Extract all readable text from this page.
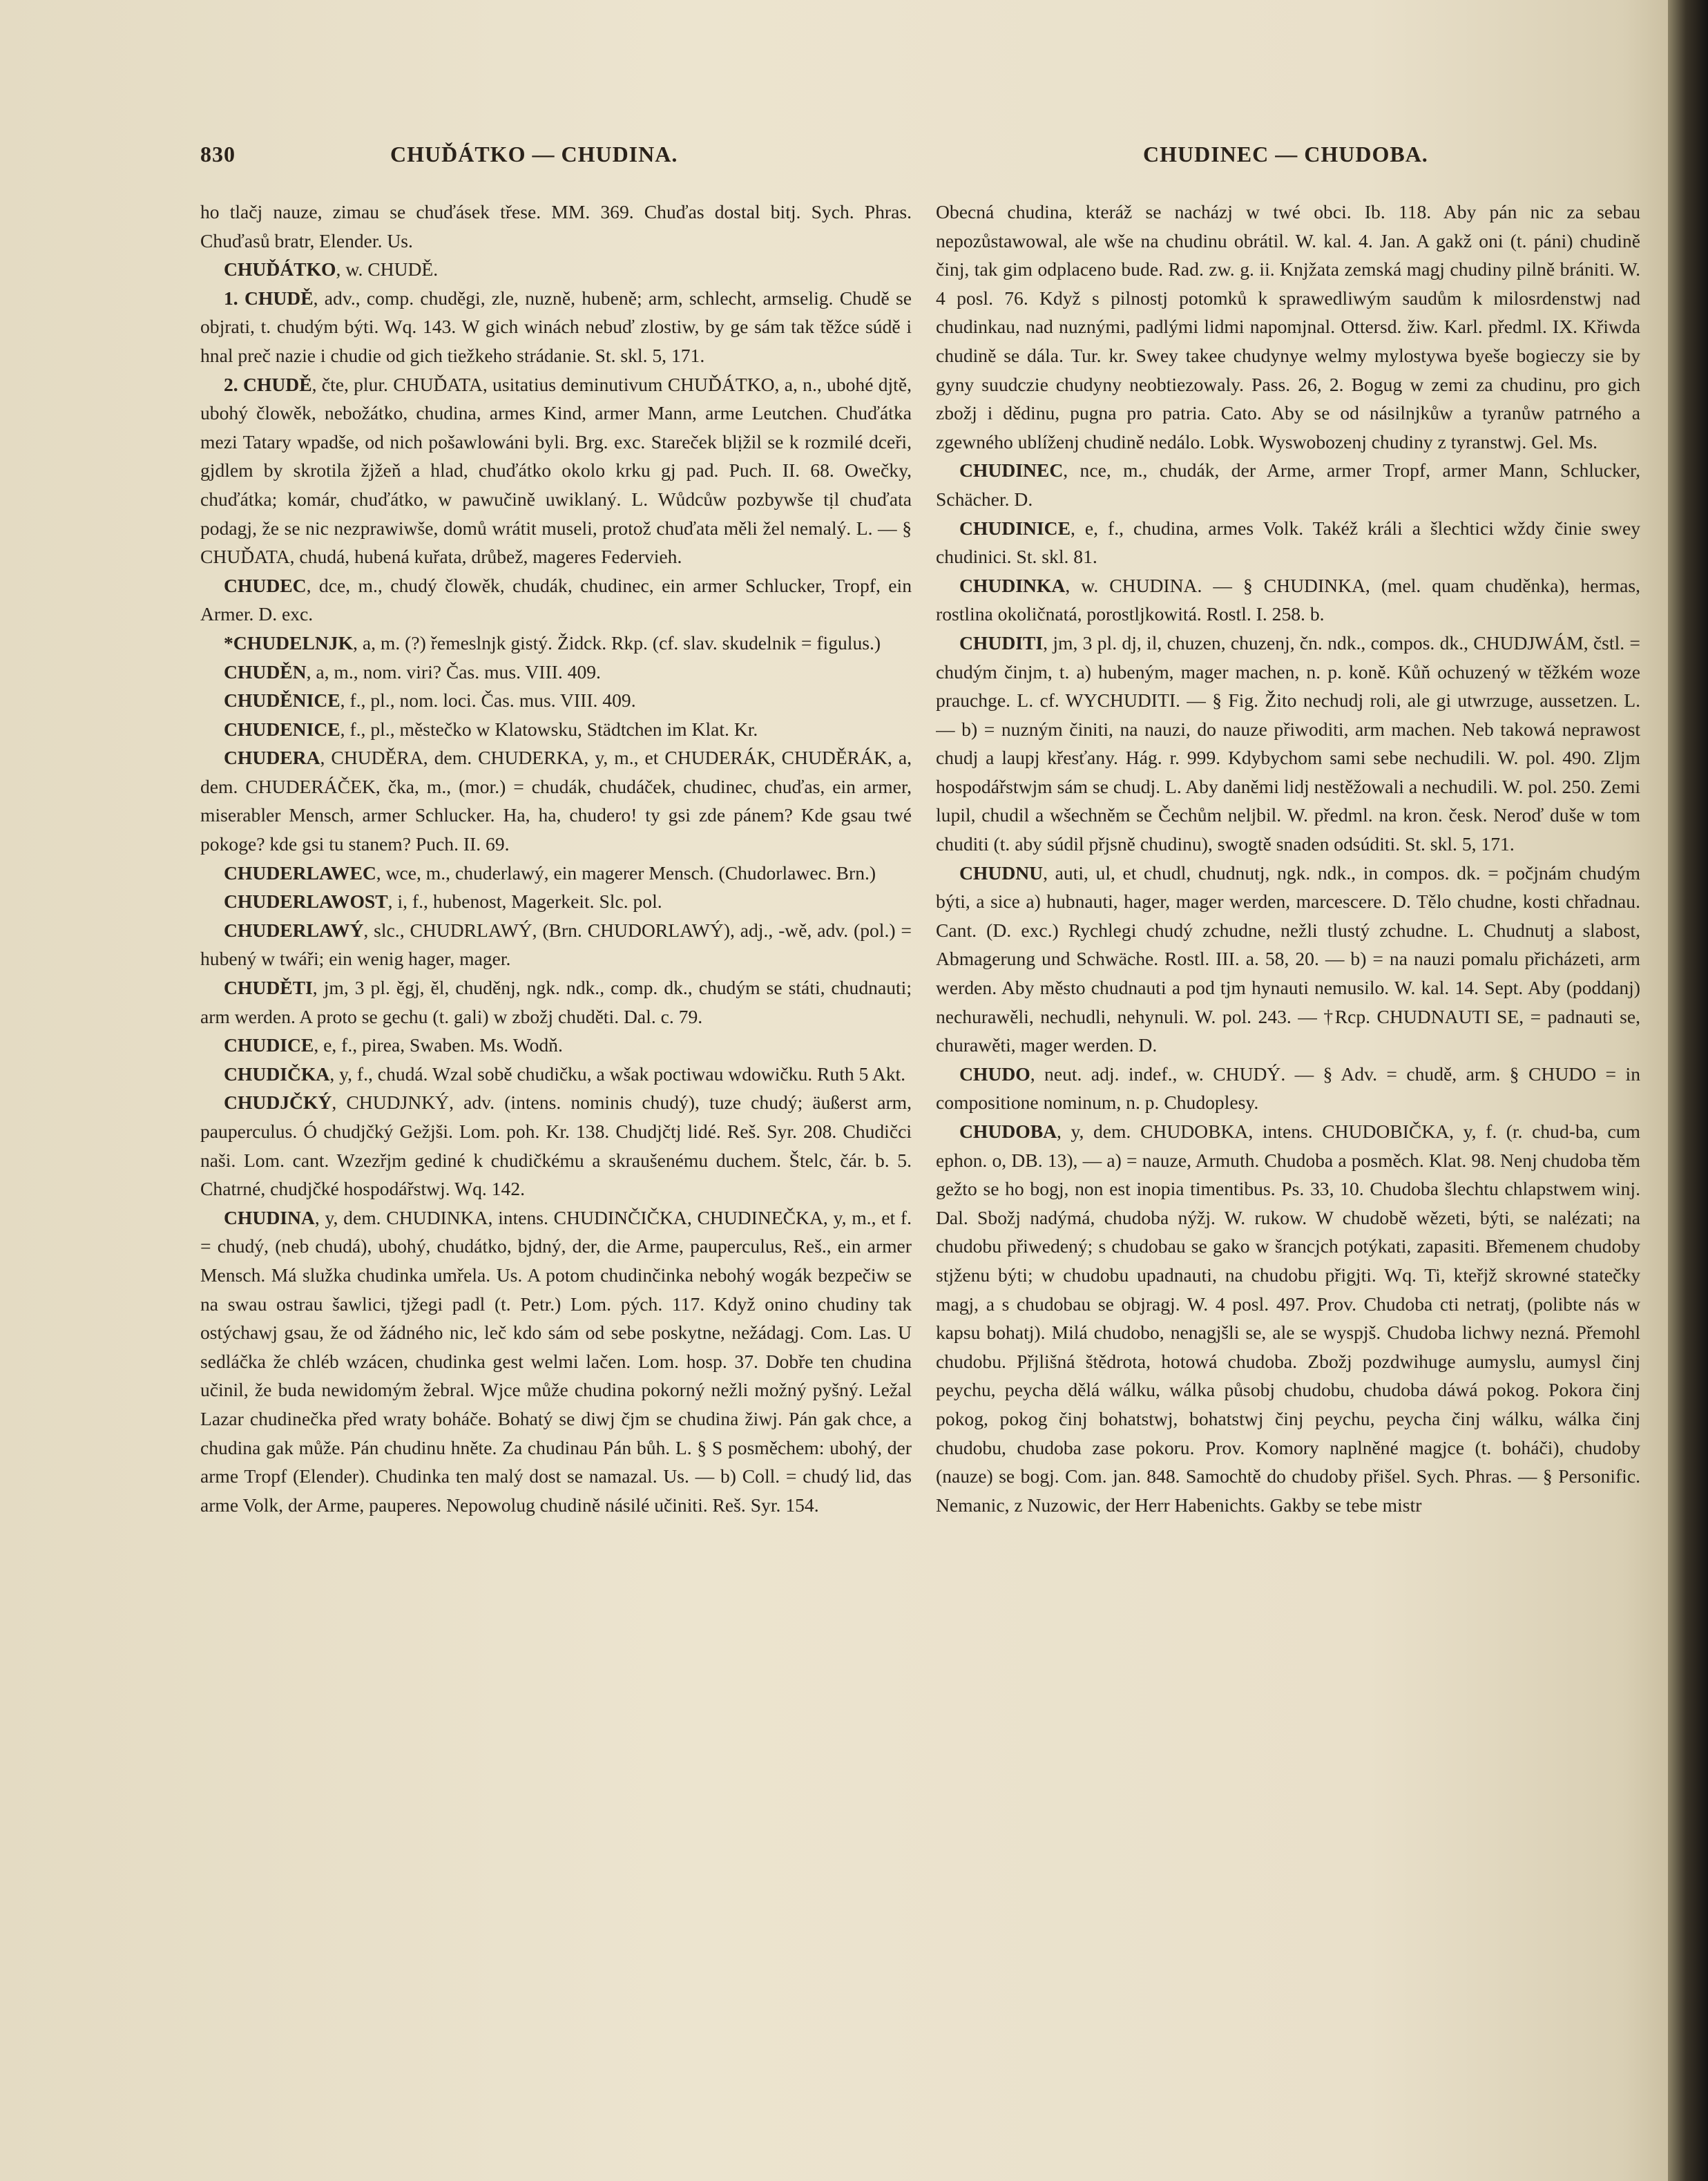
830	CHUĎÁTKO — CHUDINA.	CHUDINEC — CHUDOBA.

ho tlačj nauze, zimau se chuďásek třese. MM. 369. Chuďas dostal bitj. Sych. Phras. Chuďasů bratr, Elender. Us.

CHUĎÁTKO, w. CHUDĚ.

1. CHUDĚ, adv., comp. chuděgi, zle, nuzně, hubeně; arm, schlecht, armselig. Chudě se objrati, t. chudým býti. Wq. 143. W gich winách nebuď zlostiw, by ge sám tak těžce súdě i hnal preč nazie i chudie od gich tiežkeho strádanie. St. skl. 5, 171.

2. CHUDĚ, čte, plur. CHUĎATA, usitatius deminutivum CHUĎÁTKO, a, n., ubohé djtě, ubohý člowěk, nebožátko, chudina, armes Kind, armer Mann, arme Leutchen. Chuďátka mezi Tatary wpadše, od nich pošawlowáni byli. Brg. exc. Stareček blịžil se k rozmilé dceři, gjdlem by skrotila žjžeň a hlad, chuďátko okolo krku gj pad. Puch. II. 68. Owečky, chuďátka; komár, chuďátko, w pawučině uwiklaný. L. Wůdcůw pozbywše tịl chuďata podagj, že se nic nezprawiwše, domů wrátit museli, protož chuďata měli žel nemalý. L. — § CHUĎATA, chudá, hubená kuřata, drůbež, mageres Federvieh.

CHUDEC, dce, m., chudý člowěk, chudák, chudinec, ein armer Schlucker, Tropf, ein Armer. D. exc.

*CHUDELNJK, a, m. (?) řemeslnjk gistý. Židck. Rkp. (cf. slav. skudelnik = figulus.)

CHUDĚN, a, m., nom. viri? Čas. mus. VIII. 409.

CHUDĚNICE, f., pl., nom. loci. Čas. mus. VIII. 409.

CHUDENICE, f., pl., městečko w Klatowsku, Städtchen im Klat. Kr.

CHUDERA, CHUDĚRA, dem. CHUDERKA, y, m., et CHUDERÁK, CHUDĚRÁK, a, dem. CHUDERÁČEK, čka, m., (mor.) = chudák, chudáček, chudinec, chuďas, ein armer, miserabler Mensch, armer Schlucker. Ha, ha, chudero! ty gsi zde pánem? Kde gsau twé pokoge? kde gsi tu stanem? Puch. II. 69.

CHUDERLAWEC, wce, m., chuderlawý, ein magerer Mensch. (Chudorlawec. Brn.)

CHUDERLAWOST, i, f., hubenost, Magerkeit. Slc. pol.

CHUDERLAWÝ, slc., CHUDRLAWÝ, (Brn. CHUDORLAWÝ), adj., -wě, adv. (pol.) = hubený w twáři; ein wenig hager, mager.

CHUDĚTI, jm, 3 pl. ěgj, ěl, chuděnj, ngk. ndk., comp. dk., chudým se státi, chudnauti; arm werden. A proto se gechu (t. gali) w zbožj chuděti. Dal. c. 79.

CHUDICE, e, f., pirea, Swaben. Ms. Wodň.

CHUDIČKA, y, f., chudá. Wzal sobě chudičku, a wšak poctiwau wdowičku. Ruth 5 Akt.

CHUDJČKÝ, CHUDJNKÝ, adv. (intens. nominis chudý), tuze chudý; äußerst arm, pauperculus. Ó chudjčký Gežjši. Lom. poh. Kr. 138. Chudjčtj lidé. Reš. Syr. 208. Chudičci naši. Lom. cant. Wzezřjm gediné k chudičkému a skraušenému duchem. Štelc, čár. b. 5. Chatrné, chudjčké hospodářstwj. Wq. 142.

CHUDINA, y, dem. CHUDINKA, intens. CHUDINČIČKA, CHUDINEČKA, y, m., et f. = chudý, (neb chudá), ubohý, chudátko, bjdný, der, die Arme, pauperculus, Reš., ein armer Mensch. Má služka chudinka umřela. Us. A potom chudinčinka nebohý wogák bezpečiw se na swau ostrau šawlici, tjžegi padl (t. Petr.) Lom. pých. 117. Když onino chudiny tak ostýchawj gsau, že od žádného nic, leč kdo sám od sebe poskytne, nežádagj. Com. Las. U sedláčka že chléb wzácen, chudinka gest welmi lačen. Lom. hosp. 37. Dobře ten chudina učinil, že buda newidomým žebral. Wjce může chudina pokorný nežli možný pyšný. Ležal Lazar chudinečka před wraty boháče. Bohatý se diwj čjm se chudina žiwj. Pán gak chce, a chudina gak může. Pán chudinu hněte. Za chudinau Pán bůh. L. § S posměchem: ubohý, der arme Tropf (Elender). Chudinka ten malý dost se namazal. Us. — b) Coll. = chudý lid, das arme Volk, der Arme, pauperes. Nepowolug chudině násilé učiniti. Reš. Syr. 154.

Obecná chudina, kteráž se nacházj w twé obci. Ib. 118. Aby pán nic za sebau nepozůstawowal, ale wše na chudinu obrátil. W. kal. 4. Jan. A gakž oni (t. páni) chudině činj, tak gim odplaceno bude. Rad. zw. g. ii. Knjžata zemská magj chudiny pilně brániti. W. 4 posl. 76. Když s pilnostj potomků k sprawedliwým saudům k milosrdenstwj nad chudinkau, nad nuznými, padlými lidmi napomjnal. Ottersd. žiw. Karl. předml. IX. Křiwda chudině se dála. Tur. kr. Swey takee chudynye welmy mylostywa byeše bogieczy sie by gyny suudczie chudyny neobtiezowaly. Pass. 26, 2. Bogug w zemi za chudinu, pro gich zbožj i dědinu, pugna pro patria. Cato. Aby se od násilnjkůw a tyranůw patrného a zgewného ublíženj chudině nedálo. Lobk. Wyswobozenj chudiny z tyranstwj. Gel. Ms.

CHUDINEC, nce, m., chudák, der Arme, armer Tropf, armer Mann, Schlucker, Schächer. D.

CHUDINICE, e, f., chudina, armes Volk. Takéž králi a šlechtici wždy činie swey chudinici. St. skl. 81.

CHUDINKA, w. CHUDINA. — § CHUDINKA, (mel. quam chuděnka), hermas, rostlina okoličnatá, porostljkowitá. Rostl. I. 258. b.

CHUDITI, jm, 3 pl. dj, il, chuzen, chuzenj, čn. ndk., compos. dk., CHUDJWÁM, čstl. = chudým činjm, t. a) hubeným, mager machen, n. p. koně. Kůň ochuzený w těžkém woze prauchge. L. cf. WYCHUDITI. — § Fig. Žito nechudj roli, ale gi utwrzuge, aussetzen. L. — b) = nuzným činiti, na nauzi, do nauze přiwoditi, arm machen. Neb takowá neprawost chudj a laupj křesťany. Hág. r. 999. Kdybychom sami sebe nechudili. W. pol. 490. Zljm hospodářstwjm sám se chudj. L. Aby daněmi lidj nestěžowali a nechudili. W. pol. 250. Zemi lupil, chudil a wšechněm se Čechům neljbil. W. předml. na kron. česk. Neroď duše w tom chuditi (t. aby súdil přjsně chudinu), swogtě snaden odsúditi. St. skl. 5, 171.

CHUDNU, auti, ul, et chudl, chudnutj, ngk. ndk., in compos. dk. = počjnám chudým býti, a sice a) hubnauti, hager, mager werden, marcescere. D. Tělo chudne, kosti chřadnau. Cant. (D. exc.) Rychlegi chudý zchudne, nežli tlustý zchudne. L. Chudnutj a slabost, Abmagerung und Schwäche. Rostl. III. a. 58, 20. — b) = na nauzi pomalu přicházeti, arm werden. Aby město chudnauti a pod tjm hynauti nemusilo. W. kal. 14. Sept. Aby (poddanj) nechurawěli, nechudli, nehynuli. W. pol. 243. — †Rcp. CHUDNAUTI SE, = padnauti se, churawěti, mager werden. D.

CHUDO, neut. adj. indef., w. CHUDÝ. — § Adv. = chudě, arm. § CHUDO = in compositione nominum, n. p. Chudoplesy.

CHUDOBA, y, dem. CHUDOBKA, intens. CHUDOBIČKA, y, f. (r. chud-ba, cum ephon. o, DB. 13), — a) = nauze, Armuth. Chudoba a posměch. Klat. 98. Nenj chudoba těm gežto se ho bogj, non est inopia timentibus. Ps. 33, 10. Chudoba šlechtu chlapstwem winj. Dal. Sbožj nadýmá, chudoba nýžj. W. rukow. W chudobě wězeti, býti, se nalézati; na chudobu přiwedený; s chudobau se gako w šrancjch potýkati, zapasiti. Břemenem chudoby stjženu býti; w chudobu upadnauti, na chudobu přigjti. Wq. Ti, kteřjž skrowné statečky magj, a s chudobau se objragj. W. 4 posl. 497. Prov. Chudoba cti netratj, (polibte nás w kapsu bohatj). Milá chudobo, nenagjšli se, ale se wyspjš. Chudoba lichwy nezná. Přemohl chudobu. Přjlišná štědrota, hotowá chudoba. Zbožj pozdwihuge aumyslu, aumysl činj peychu, peycha dělá wálku, wálka působj chudobu, chudoba dáwá pokog. Pokora činj pokog, pokog činj bohatstwj, bohatstwj činj peychu, peycha činj wálku, wálka činj chudobu, chudoba zase pokoru. Prov. Komory naplněné magjce (t. boháči), chudoby (nauze) se bogj. Com. jan. 848. Samochtě do chudoby přišel. Sych. Phras. — § Personific. Nemanic, z Nuzowic, der Herr Habenichts. Gakby se tebe mistr
